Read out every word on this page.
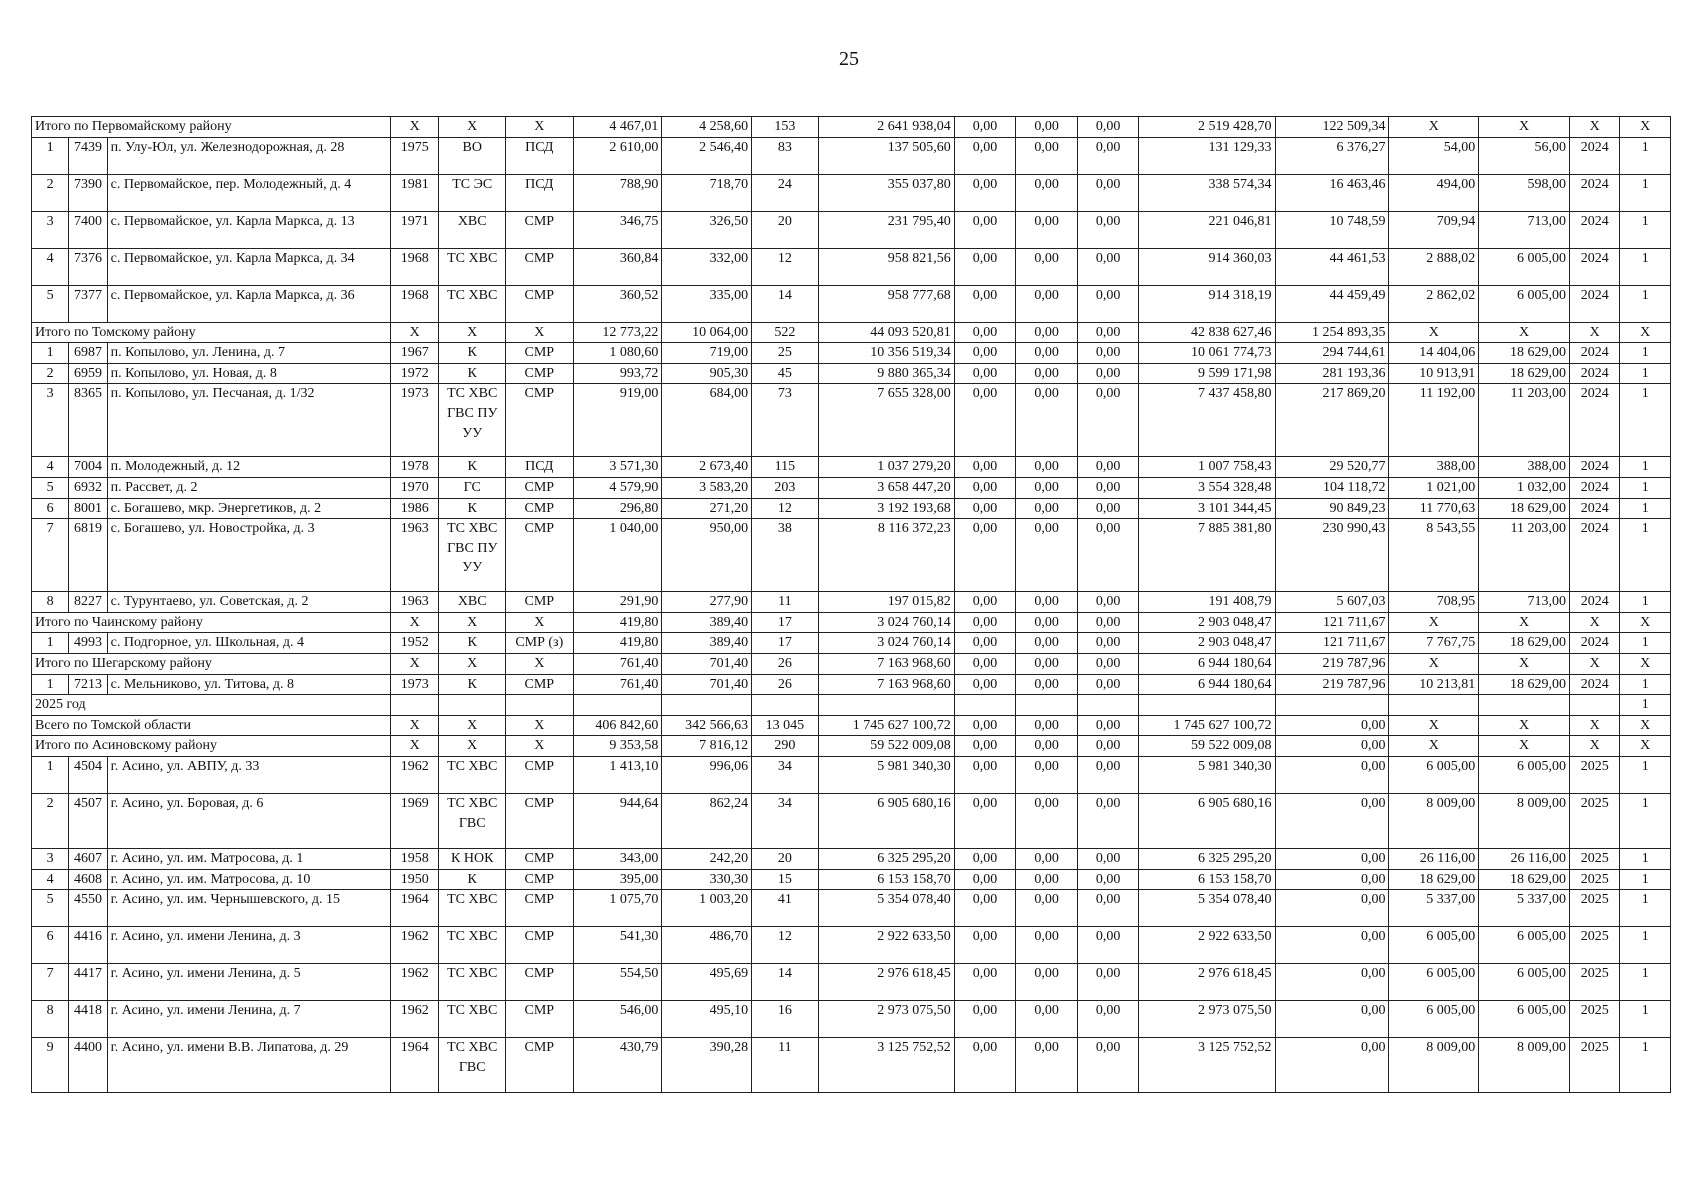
25
Итого по Первомайскому району			X	X	X	4 467,01	4 258,60	153	2 641 938,04	0,00	0,00	0,00	2 519 428,70	122 509,34	X	X	X	X
1	7439	п. Улу-Юл, ул. Железнодорожная, д. 28	1975	ВО	ПСД	2 610,00	2 546,40	83	137 505,60	0,00	0,00	0,00	131 129,33	6 376,27	54,00	56,00	2024	1
2	7390	с. Первомайское, пер. Молодежный, д. 4	1981	ТС ЭС	ПСД	788,90	718,70	24	355 037,80	0,00	0,00	0,00	338 574,34	16 463,46	494,00	598,00	2024	1
3	7400	с. Первомайское, ул. Карла Маркса, д. 13	1971	ХВС	СМР	346,75	326,50	20	231 795,40	0,00	0,00	0,00	221 046,81	10 748,59	709,94	713,00	2024	1
4	7376	с. Первомайское, ул. Карла Маркса, д. 34	1968	ТС ХВС	СМР	360,84	332,00	12	958 821,56	0,00	0,00	0,00	914 360,03	44 461,53	2 888,02	6 005,00	2024	1
5	7377	с. Первомайское, ул. Карла Маркса, д. 36	1968	ТС ХВС	СМР	360,52	335,00	14	958 777,68	0,00	0,00	0,00	914 318,19	44 459,49	2 862,02	6 005,00	2024	1
Итого по Томскому району			X	X	X	12 773,22	10 064,00	522	44 093 520,81	0,00	0,00	0,00	42 838 627,46	1 254 893,35	X	X	X	X
1	6987	п. Копылово, ул. Ленина, д. 7	1967	К	СМР	1 080,60	719,00	25	10 356 519,34	0,00	0,00	0,00	10 061 774,73	294 744,61	14 404,06	18 629,00	2024	1
2	6959	п. Копылово, ул. Новая, д. 8	1972	К	СМР	993,72	905,30	45	9 880 365,34	0,00	0,00	0,00	9 599 171,98	281 193,36	10 913,91	18 629,00	2024	1
3	8365	п. Копылово, ул. Песчаная, д. 1/32	1973	ТС ХВС ГВС ПУ УУ	СМР	919,00	684,00	73	7 655 328,00	0,00	0,00	0,00	7 437 458,80	217 869,20	11 192,00	11 203,00	2024	1
4	7004	п. Молодежный, д. 12	1978	К	ПСД	3 571,30	2 673,40	115	1 037 279,20	0,00	0,00	0,00	1 007 758,43	29 520,77	388,00	388,00	2024	1
5	6932	п. Рассвет, д. 2	1970	ГС	СМР	4 579,90	3 583,20	203	3 658 447,20	0,00	0,00	0,00	3 554 328,48	104 118,72	1 021,00	1 032,00	2024	1
6	8001	с. Богашево, мкр. Энергетиков, д. 2	1986	К	СМР	296,80	271,20	12	3 192 193,68	0,00	0,00	0,00	3 101 344,45	90 849,23	11 770,63	18 629,00	2024	1
7	6819	с. Богашево, ул. Новостройка, д. 3	1963	ТС ХВС ГВС ПУ УУ	СМР	1 040,00	950,00	38	8 116 372,23	0,00	0,00	0,00	7 885 381,80	230 990,43	8 543,55	11 203,00	2024	1
8	8227	с. Турунтаево, ул. Советская, д. 2	1963	ХВС	СМР	291,90	277,90	11	197 015,82	0,00	0,00	0,00	191 408,79	5 607,03	708,95	713,00	2024	1
Итого по Чаинскому району			X	X	X	419,80	389,40	17	3 024 760,14	0,00	0,00	0,00	2 903 048,47	121 711,67	X	X	X	X
1	4993	с. Подгорное, ул. Школьная, д. 4	1952	К	СМР (з)	419,80	389,40	17	3 024 760,14	0,00	0,00	0,00	2 903 048,47	121 711,67	7 767,75	18 629,00	2024	1
Итого по Шегарскому району			X	X	X	761,40	701,40	26	7 163 968,60	0,00	0,00	0,00	6 944 180,64	219 787,96	X	X	X	X
1	7213	с. Мельниково, ул. Титова, д. 8	1973	К	СМР	761,40	701,40	26	7 163 968,60	0,00	0,00	0,00	6 944 180,64	219 787,96	10 213,81	18 629,00	2024	1
2025 год																		1
Всего по Томской области			X	X	X	406 842,60	342 566,63	13 045	1 745 627 100,72	0,00	0,00	0,00	1 745 627 100,72	0,00	X	X	X	X
Итого по Асиновскому району			X	X	X	9 353,58	7 816,12	290	59 522 009,08	0,00	0,00	0,00	59 522 009,08	0,00	X	X	X	X
1	4504	г. Асино, ул. АВПУ, д. 33	1962	ТС ХВС	СМР	1 413,10	996,06	34	5 981 340,30	0,00	0,00	0,00	5 981 340,30	0,00	6 005,00	6 005,00	2025	1
2	4507	г. Асино, ул. Боровая, д. 6	1969	ТС ХВС ГВС	СМР	944,64	862,24	34	6 905 680,16	0,00	0,00	0,00	6 905 680,16	0,00	8 009,00	8 009,00	2025	1
3	4607	г. Асино, ул. им. Матросова, д. 1	1958	К НОК	СМР	343,00	242,20	20	6 325 295,20	0,00	0,00	0,00	6 325 295,20	0,00	26 116,00	26 116,00	2025	1
4	4608	г. Асино, ул. им. Матросова, д. 10	1950	К	СМР	395,00	330,30	15	6 153 158,70	0,00	0,00	0,00	6 153 158,70	0,00	18 629,00	18 629,00	2025	1
5	4550	г. Асино, ул. им. Чернышевского, д. 15	1964	ТС ХВС	СМР	1 075,70	1 003,20	41	5 354 078,40	0,00	0,00	0,00	5 354 078,40	0,00	5 337,00	5 337,00	2025	1
6	4416	г. Асино, ул. имени Ленина, д. 3	1962	ТС ХВС	СМР	541,30	486,70	12	2 922 633,50	0,00	0,00	0,00	2 922 633,50	0,00	6 005,00	6 005,00	2025	1
7	4417	г. Асино, ул. имени Ленина, д. 5	1962	ТС ХВС	СМР	554,50	495,69	14	2 976 618,45	0,00	0,00	0,00	2 976 618,45	0,00	6 005,00	6 005,00	2025	1
8	4418	г. Асино, ул. имени Ленина, д. 7	1962	ТС ХВС	СМР	546,00	495,10	16	2 973 075,50	0,00	0,00	0,00	2 973 075,50	0,00	6 005,00	6 005,00	2025	1
9	4400	г. Асино, ул. имени В.В. Липатова, д. 29	1964	ТС ХВС ГВС	СМР	430,79	390,28	11	3 125 752,52	0,00	0,00	0,00	3 125 752,52	0,00	8 009,00	8 009,00	2025	1
